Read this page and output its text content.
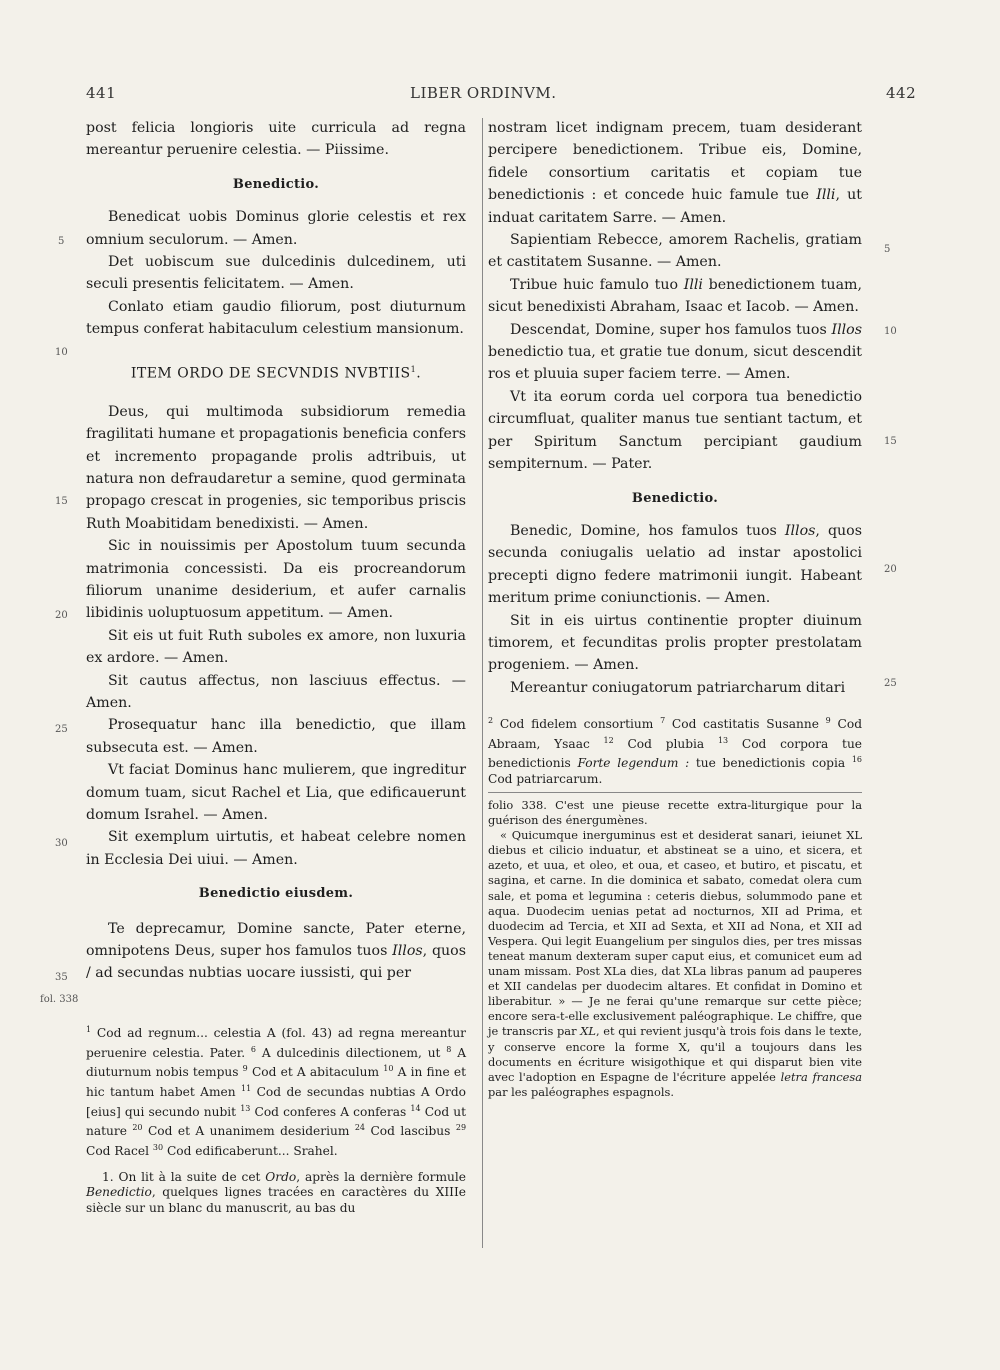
441	LIBER ORDINVM.	442

post felicia longioris uite curricula ad regna mereantur peruenire celestia. — Piissime.

Benedictio.

Benedicat uobis Dominus glorie celestis et rex omnium seculorum. — Amen.

Det uobiscum sue dulcedinis dulcedinem, uti seculi presentis felicitatem. — Amen.

Conlato etiam gaudio filiorum, post diuturnum tempus conferat habitaculum celestium mansionum.

ITEM ORDO DE SECVNDIS NVBTIIS$^1$.

Deus, qui multimoda subsidiorum remedia fragilitati humane et propagationis beneficia confers et incremento propagande prolis adtribuis, ut natura non defraudaretur a semine, quod germinata propago crescat in progenies, sic temporibus priscis Ruth Moabitidam benedixisti. — Amen.

Sic in nouissimis per Apostolum tuum secunda matrimonia concessisti. Da eis procreandorum filiorum unanime desiderium, et aufer carnalis libidinis uoluptuosum appetitum. — Amen.

Sit eis ut fuit Ruth suboles ex amore, non luxuria ex ardore. — Amen.

Sit cautus affectus, non lasciuus effectus. — Amen.

Prosequatur hanc illa benedictio, que illam subsecuta est. — Amen.

Vt faciat Dominus hanc mulierem, que ingreditur domum tuam, sicut Rachel et Lia, que edificauerunt domum Israhel. — Amen.

Sit exemplum uirtutis, et habeat celebre nomen in Ecclesia Dei uiui. — Amen.

Benedictio eiusdem.

Te deprecamur, Domine sancte, Pater eterne, omnipotens Deus, super hos famulos tuos Illos, quos / ad secundas nubtias uocare iussisti, qui per

5
10
15
20
25
30
35
fol. 338

$^1$ Cod ad regnum... celestia A (fol. 43) ad regna mereantur peruenire celestia. Pater. $^6$ A dulcedinis dilectionem, ut $^8$ A diuturnum nobis tempus $^9$ Cod et A abitaculum $^{10}$ A in fine et hic tantum habet Amen $^{11}$ Cod de secundas nubtias A Ordo [eius] qui secundo nubit $^{13}$ Cod conferes A conferas $^{14}$ Cod ut nature $^{20}$ Cod et A unanimem desiderium $^{24}$ Cod lascibus $^{29}$ Cod Racel $^{30}$ Cod edificaberunt... Srahel.

1. On lit à la suite de cet Ordo, après la dernière formule Benedictio, quelques lignes tracées en caractères du XIIIe siècle sur un blanc du manuscrit, au bas du

nostram licet indignam precem, tuam desiderant percipere benedictionem. Tribue eis, Domine, fidele consortium caritatis et copiam tue benedictionis : et concede huic famule tue Illi, ut induat caritatem Sarre. — Amen.

Sapientiam Rebecce, amorem Rachelis, gratiam et castitatem Susanne. — Amen.

Tribue huic famulo tuo Illi benedictionem tuam, sicut benedixisti Abraham, Isaac et Iacob. — Amen.

Descendat, Domine, super hos famulos tuos Illos benedictio tua, et gratie tue donum, sicut descendit ros et pluuia super faciem terre. — Amen.

Vt ita eorum corda uel corpora tua benedictio circumfluat, qualiter manus tue sentiant tactum, et per Spiritum Sanctum percipiant gaudium sempiternum. — Pater.

Benedictio.

Benedic, Domine, hos famulos tuos Illos, quos secunda coniugalis uelatio ad instar apostolici precepti digno federe matrimonii iungit. Habeant meritum prime coniunctionis. — Amen.

Sit in eis uirtus continentie propter diuinum timorem, et fecunditas prolis propter prestolatam progeniem. — Amen.

Mereantur coniugatorum patriarcharum ditari

5
10
15
20
25

$^2$ Cod fidelem consortium $^7$ Cod castitatis Susanne $^9$ Cod Abraam, Ysaac $^{12}$ Cod plubia $^{13}$ Cod corpora tue benedictionis Forte legendum : tue benedictionis copia $^{16}$ Cod patriarcarum.

folio 338. C'est une pieuse recette extra-liturgique pour la guérison des énergumènes.

« Quicumque inerguminus est et desiderat sanari, ieiunet XL diebus et cilicio induatur, et abstineat se a uino, et sicera, et azeto, et uua, et oleo, et oua, et caseo, et butiro, et piscatu, et sagina, et carne. In die dominica et sabato, comedat olera cum sale, et poma et legumina : ceteris diebus, solummodo pane et aqua. Duodecim uenias petat ad nocturnos, XII ad Prima, et duodecim ad Tercia, et XII ad Sexta, et XII ad Nona, et XII ad Vespera. Qui legit Euangelium per singulos dies, per tres missas teneat manum dexteram super caput eius, et comunicet eum ad unam missam. Post XLa dies, dat XLa libras panum ad pauperes et XII candelas per duodecim altares. Et confidat in Domino et liberabitur. » — Je ne ferai qu'une remarque sur cette pièce; encore sera-t-elle exclusivement paléographique. Le chiffre, que je transcris par XL, et qui revient jusqu'à trois fois dans le texte, y conserve encore la forme X, qu'il a toujours dans les documents en écriture wisigothique et qui disparut bien vite avec l'adoption en Espagne de l'écriture appelée letra francesa par les paléographes espagnols.
